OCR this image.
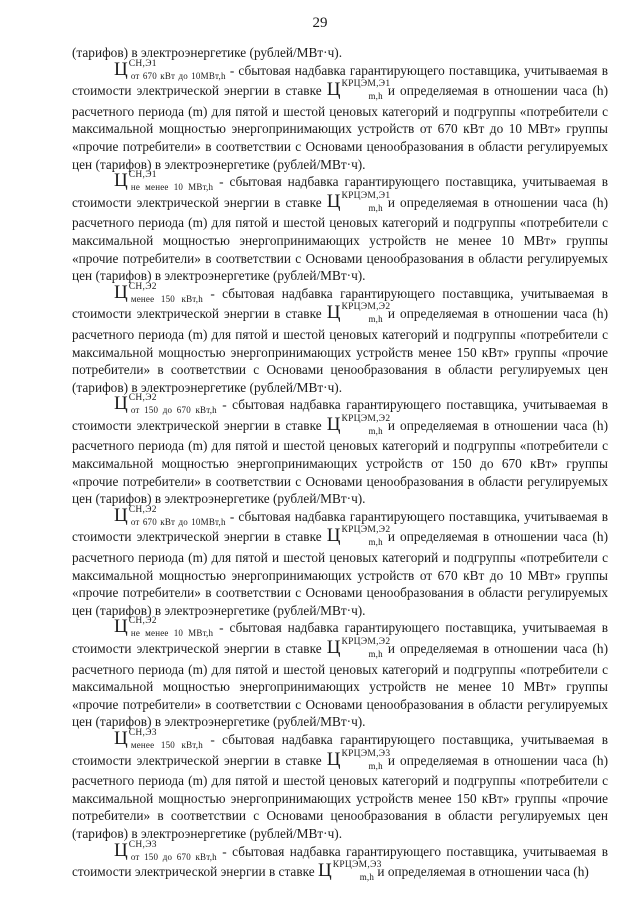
29

(тарифов) в электроэнергетике (рублей/МВт·ч).

$Ц^{СН,Э1}_{от 670 кВт до 10МВт,h}$ - сбытовая надбавка гарантирующего поставщика, учитываемая в стоимости электрической энергии в ставке $Ц^{КРЦЭМ,Э1}_{m,h}$ и определяемая в отношении часа (h) расчетного периода (m) для пятой и шестой ценовых категорий и подгруппы «потребители с максимальной мощностью энергопринимающих устройств от 670 кВт до 10 МВт» группы «прочие потребители» в соответствии с Основами ценообразования в области регулируемых цен (тарифов) в электроэнергетике (рублей/МВт·ч).

$Ц^{СН,Э1}_{не менее 10 МВт,h}$ - сбытовая надбавка гарантирующего поставщика, учитываемая в стоимости электрической энергии в ставке $Ц^{КРЦЭМ,Э1}_{m,h}$ и определяемая в отношении часа (h) расчетного периода (m) для пятой и шестой ценовых категорий и подгруппы «потребители с максимальной мощностью энергопринимающих устройств не менее 10 МВт» группы «прочие потребители» в соответствии с Основами ценообразования в области регулируемых цен (тарифов) в электроэнергетике (рублей/МВт·ч).

$Ц^{СН,Э2}_{менее 150 кВт,h}$ - сбытовая надбавка гарантирующего поставщика, учитываемая в стоимости электрической энергии в ставке $Ц^{КРЦЭМ,Э2}_{m,h}$ и определяемая в отношении часа (h) расчетного периода (m) для пятой и шестой ценовых категорий и подгруппы «потребители с максимальной мощностью энергопринимающих устройств менее 150 кВт» группы «прочие потребители» в соответствии с Основами ценообразования в области регулируемых цен (тарифов) в электроэнергетике (рублей/МВт·ч).

$Ц^{СН,Э2}_{от 150 до 670 кВт,h}$ - сбытовая надбавка гарантирующего поставщика, учитываемая в стоимости электрической энергии в ставке $Ц^{КРЦЭМ,Э2}_{m,h}$ и определяемая в отношении часа (h) расчетного периода (m) для пятой и шестой ценовых категорий и подгруппы «потребители с максимальной мощностью энергопринимающих устройств от 150 до 670 кВт» группы «прочие потребители» в соответствии с Основами ценообразования в области регулируемых цен (тарифов) в электроэнергетике (рублей/МВт·ч).

$Ц^{СН,Э2}_{от 670 кВт до 10МВт,h}$ - сбытовая надбавка гарантирующего поставщика, учитываемая в стоимости электрической энергии в ставке $Ц^{КРЦЭМ,Э2}_{m,h}$ и определяемая в отношении часа (h) расчетного периода (m) для пятой и шестой ценовых категорий и подгруппы «потребители с максимальной мощностью энергопринимающих устройств от 670 кВт до 10 МВт» группы «прочие потребители» в соответствии с Основами ценообразования в области регулируемых цен (тарифов) в электроэнергетике (рублей/МВт·ч).

$Ц^{СН,Э2}_{не менее 10 МВт,h}$ - сбытовая надбавка гарантирующего поставщика, учитываемая в стоимости электрической энергии в ставке $Ц^{КРЦЭМ,Э2}_{m,h}$ и определяемая в отношении часа (h) расчетного периода (m) для пятой и шестой ценовых категорий и подгруппы «потребители с максимальной мощностью энергопринимающих устройств не менее 10 МВт» группы «прочие потребители» в соответствии с Основами ценообразования в области регулируемых цен (тарифов) в электроэнергетике (рублей/МВт·ч).

$Ц^{СН,Э3}_{менее 150 кВт,h}$ - сбытовая надбавка гарантирующего поставщика, учитываемая в стоимости электрической энергии в ставке $Ц^{КРЦЭМ,Э3}_{m,h}$ и определяемая в отношении часа (h) расчетного периода (m) для пятой и шестой ценовых категорий и подгруппы «потребители с максимальной мощностью энергопринимающих устройств менее 150 кВт» группы «прочие потребители» в соответствии с Основами ценообразования в области регулируемых цен (тарифов) в электроэнергетике (рублей/МВт·ч).

$Ц^{СН,Э3}_{от 150 до 670 кВт,h}$ - сбытовая надбавка гарантирующего поставщика, учитываемая в стоимости электрической энергии в ставке $Ц^{КРЦЭМ,Э3}_{m,h}$ и определяемая в отношении часа (h)
